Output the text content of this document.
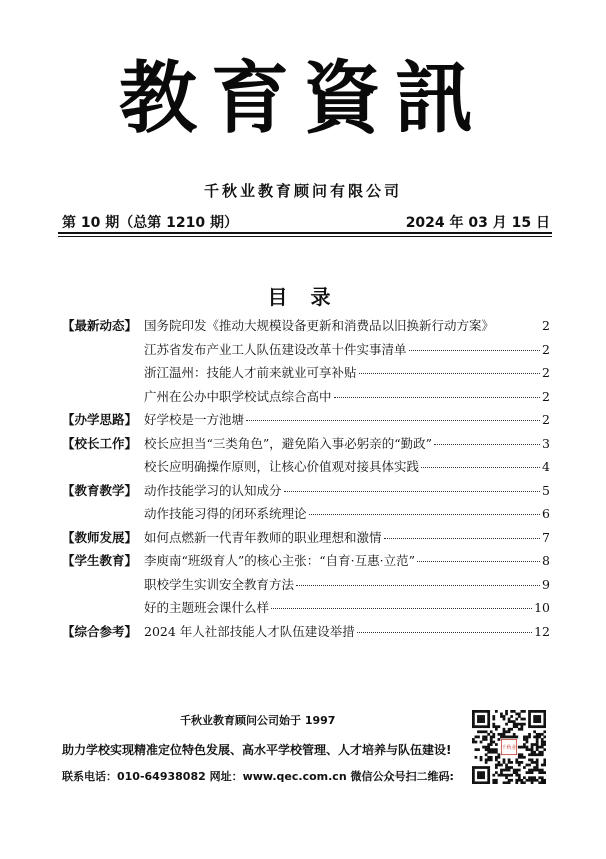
教育資訊
千秋业教育顾问有限公司
第 10 期（总第 1210 期）	2024 年 03 月 15 日
目 录
【最新动态】 国务院印发《推动大规模设备更新和消费品以旧换新行动方案》	2
江苏省发布产业工人队伍建设改革十件实事清单	2
浙江温州：技能人才前来就业可享补贴	2
广州在公办中职学校试点综合高中	2
【办学思路】 好学校是一方池塘	2
【校长工作】 校长应担当“三类角色”，避免陷入事必躬亲的“勤政”	3
校长应明确操作原则，让核心价值观对接具体实践	4
【教育教学】 动作技能学习的认知成分	5
动作技能习得的闭环系统理论	6
【教师发展】 如何点燃新一代青年教师的职业理想和激情	7
【学生教育】 李庾南“班级育人”的核心主张：“自育·互惠·立范”	8
职校学生实训安全教育方法	9
好的主题班会课什么样	10
【综合参考】 2024 年人社部技能人才队伍建设举措	12
千秋业教育顾问公司始于 1997
助力学校实现精准定位特色发展、高水平学校管理、人才培养与队伍建设!
联系电话：010-64938082 网址：www.qec.com.cn 微信公众号扫二维码:
千秋业
